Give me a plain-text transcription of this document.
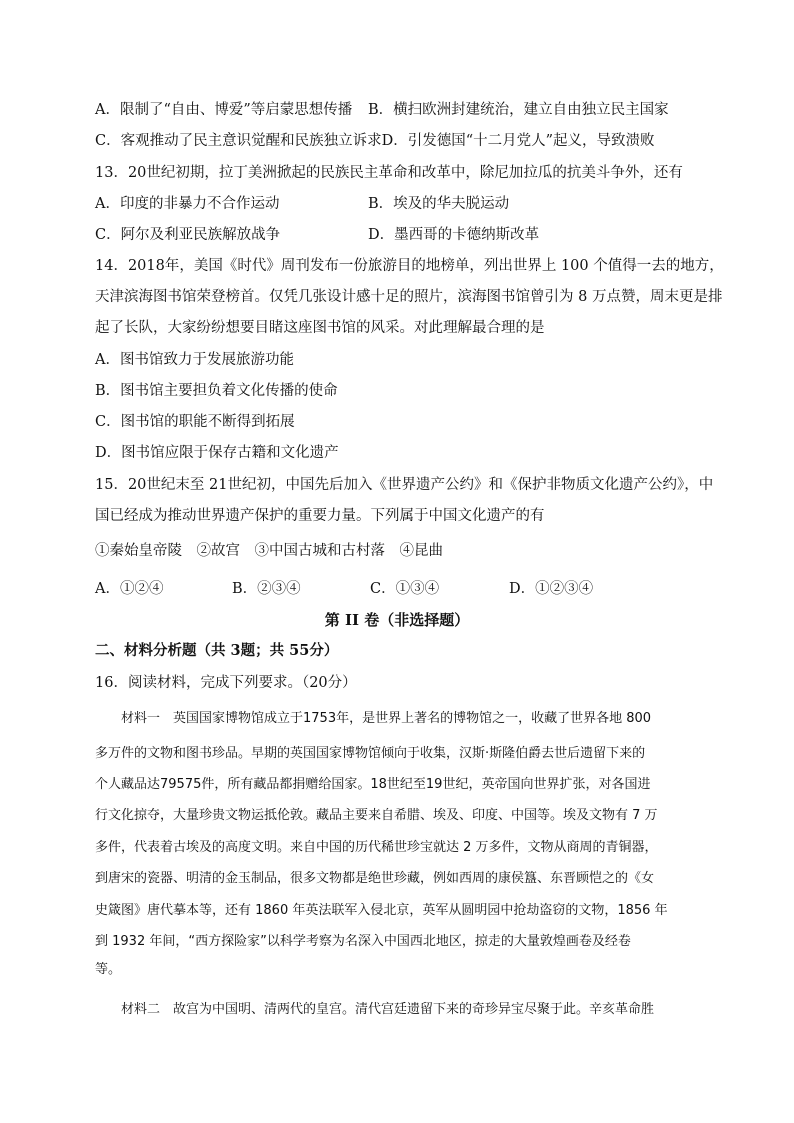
A．限制了“自由、博爱”等启蒙思想传播 B．横扫欧洲封建统治，建立自由独立民主国家
C．客观推动了民主意识觉醒和民族独立诉求D．引发德国“十二月党人”起义，导致溃败
13．20世纪初期，拉丁美洲掀起的民族民主革命和改革中，除尼加拉瓜的抗美斗争外，还有
A．印度的非暴力不合作运动	B．埃及的华夫脱运动
C．阿尔及利亚民族解放战争	D．墨西哥的卡德纳斯改革
14．2018年，美国《时代》周刊发布一份旅游目的地榜单，列出世界上 100 个值得一去的地方，
天津滨海图书馆荣登榜首。仅凭几张设计感十足的照片，滨海图书馆曾引为 8 万点赞，周末更是排
起了长队，大家纷纷想要目睹这座图书馆的风采。对此理解最合理的是
A．图书馆致力于发展旅游功能
B．图书馆主要担负着文化传播的使命
C．图书馆的职能不断得到拓展
D．图书馆应限于保存古籍和文化遗产
15．20世纪末至 21世纪初，中国先后加入《世界遗产公约》和《保护非物质文化遗产公约》，中
国已经成为推动世界遗产保护的重要力量。下列属于中国文化遗产的有
①秦始皇帝陵　②故宫　③中国古城和古村落　④昆曲
A．①②④	B．②③④	C．①③④	D．①②③④
第 II 卷（非选择题）
二、材料分析题（共 3题；共 55分）
16．阅读材料，完成下列要求。（20分）
　　材料一　英国国家博物馆成立于1753年，是世界上著名的博物馆之一，收藏了世界各地 800
多万件的文物和图书珍品。早期的英国国家博物馆倾向于收集，汉斯·斯隆伯爵去世后遗留下来的
个人藏品达79575件，所有藏品都捐赠给国家。18世纪至19世纪，英帝国向世界扩张，对各国进
行文化掠夺，大量珍贵文物运抵伦敦。藏品主要来自希腊、埃及、印度、中国等。埃及文物有 7 万
多件，代表着古埃及的高度文明。来自中国的历代稀世珍宝就达 2 万多件，文物从商周的青铜器，
到唐宋的瓷器、明清的金玉制品，很多文物都是绝世珍藏，例如西周的康侯簋、东晋顾恺之的《女
史箴图》唐代摹本等，还有 1860 年英法联军入侵北京，英军从圆明园中抢劫盗窃的文物，1856 年
到 1932 年间，“西方探险家”以科学考察为名深入中国西北地区，掠走的大量敦煌画卷及经卷
等。
　　材料二　故宫为中国明、清两代的皇宫。清代宫廷遗留下来的奇珍异宝尽聚于此。辛亥革命胜
